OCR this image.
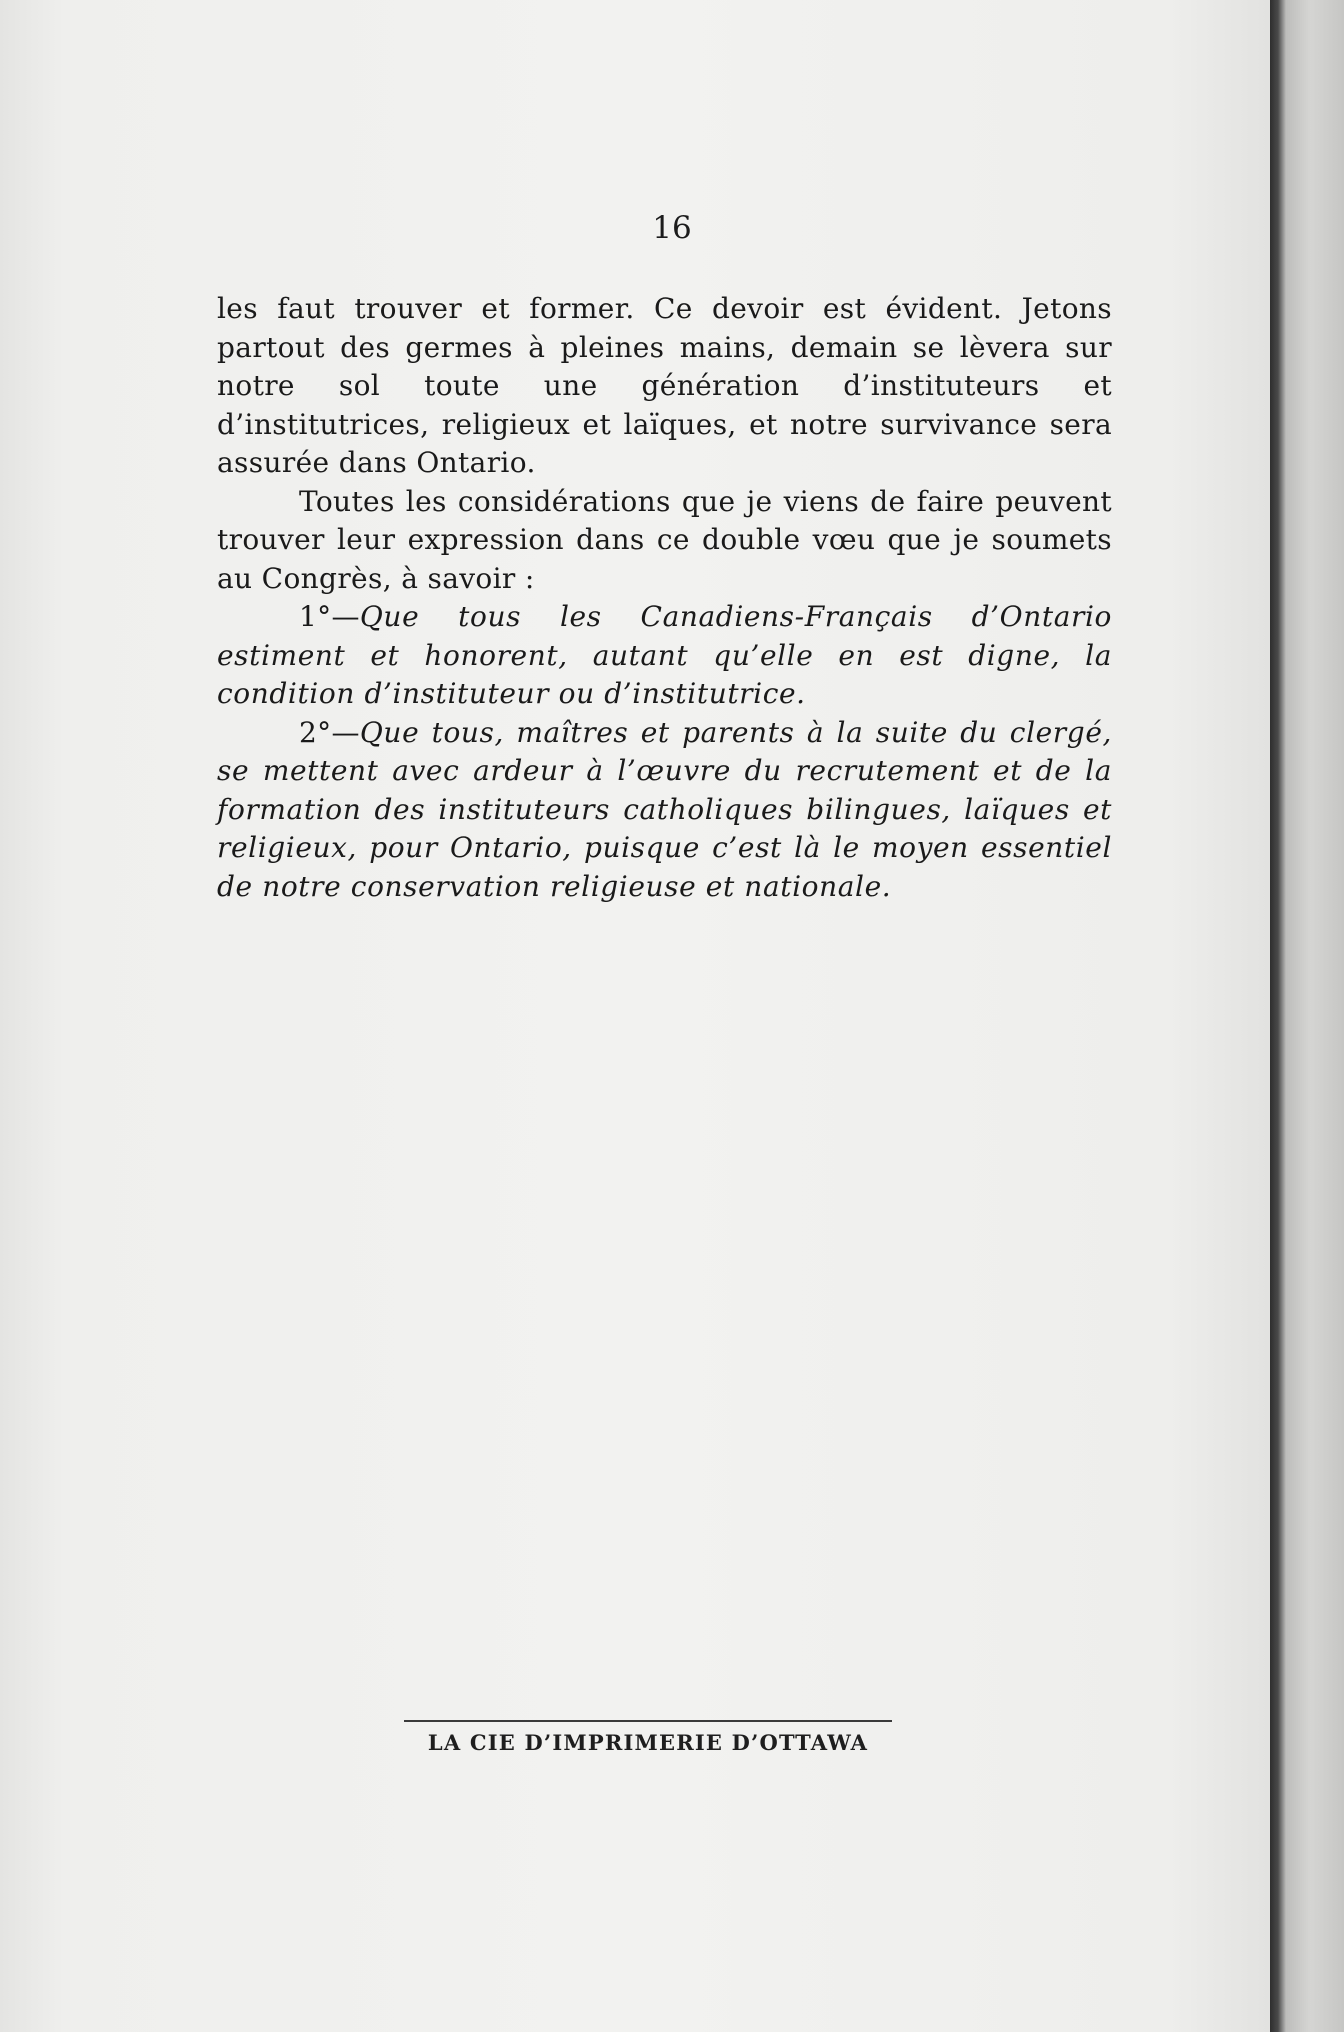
16

les faut trouver et former. Ce devoir est évident. Jetons partout des germes à pleines mains, demain se lèvera sur notre sol toute une génération d’instituteurs et d’institutrices, religieux et laïques, et notre survivance sera assurée dans Ontario.

Toutes les considérations que je viens de faire peuvent trouver leur expression dans ce double vœu que je soumets au Congrès, à savoir :

1°—Que tous les Canadiens-Français d’Ontario estiment et honorent, autant qu’elle en est digne, la condition d’instituteur ou d’institutrice.

2°—Que tous, maîtres et parents à la suite du clergé, se mettent avec ardeur à l’œuvre du recrutement et de la formation des instituteurs catholiques bilingues, laïques et religieux, pour Ontario, puisque c’est là le moyen essentiel de notre conservation religieuse et nationale.

LA CIE D’IMPRIMERIE D’OTTAWA
